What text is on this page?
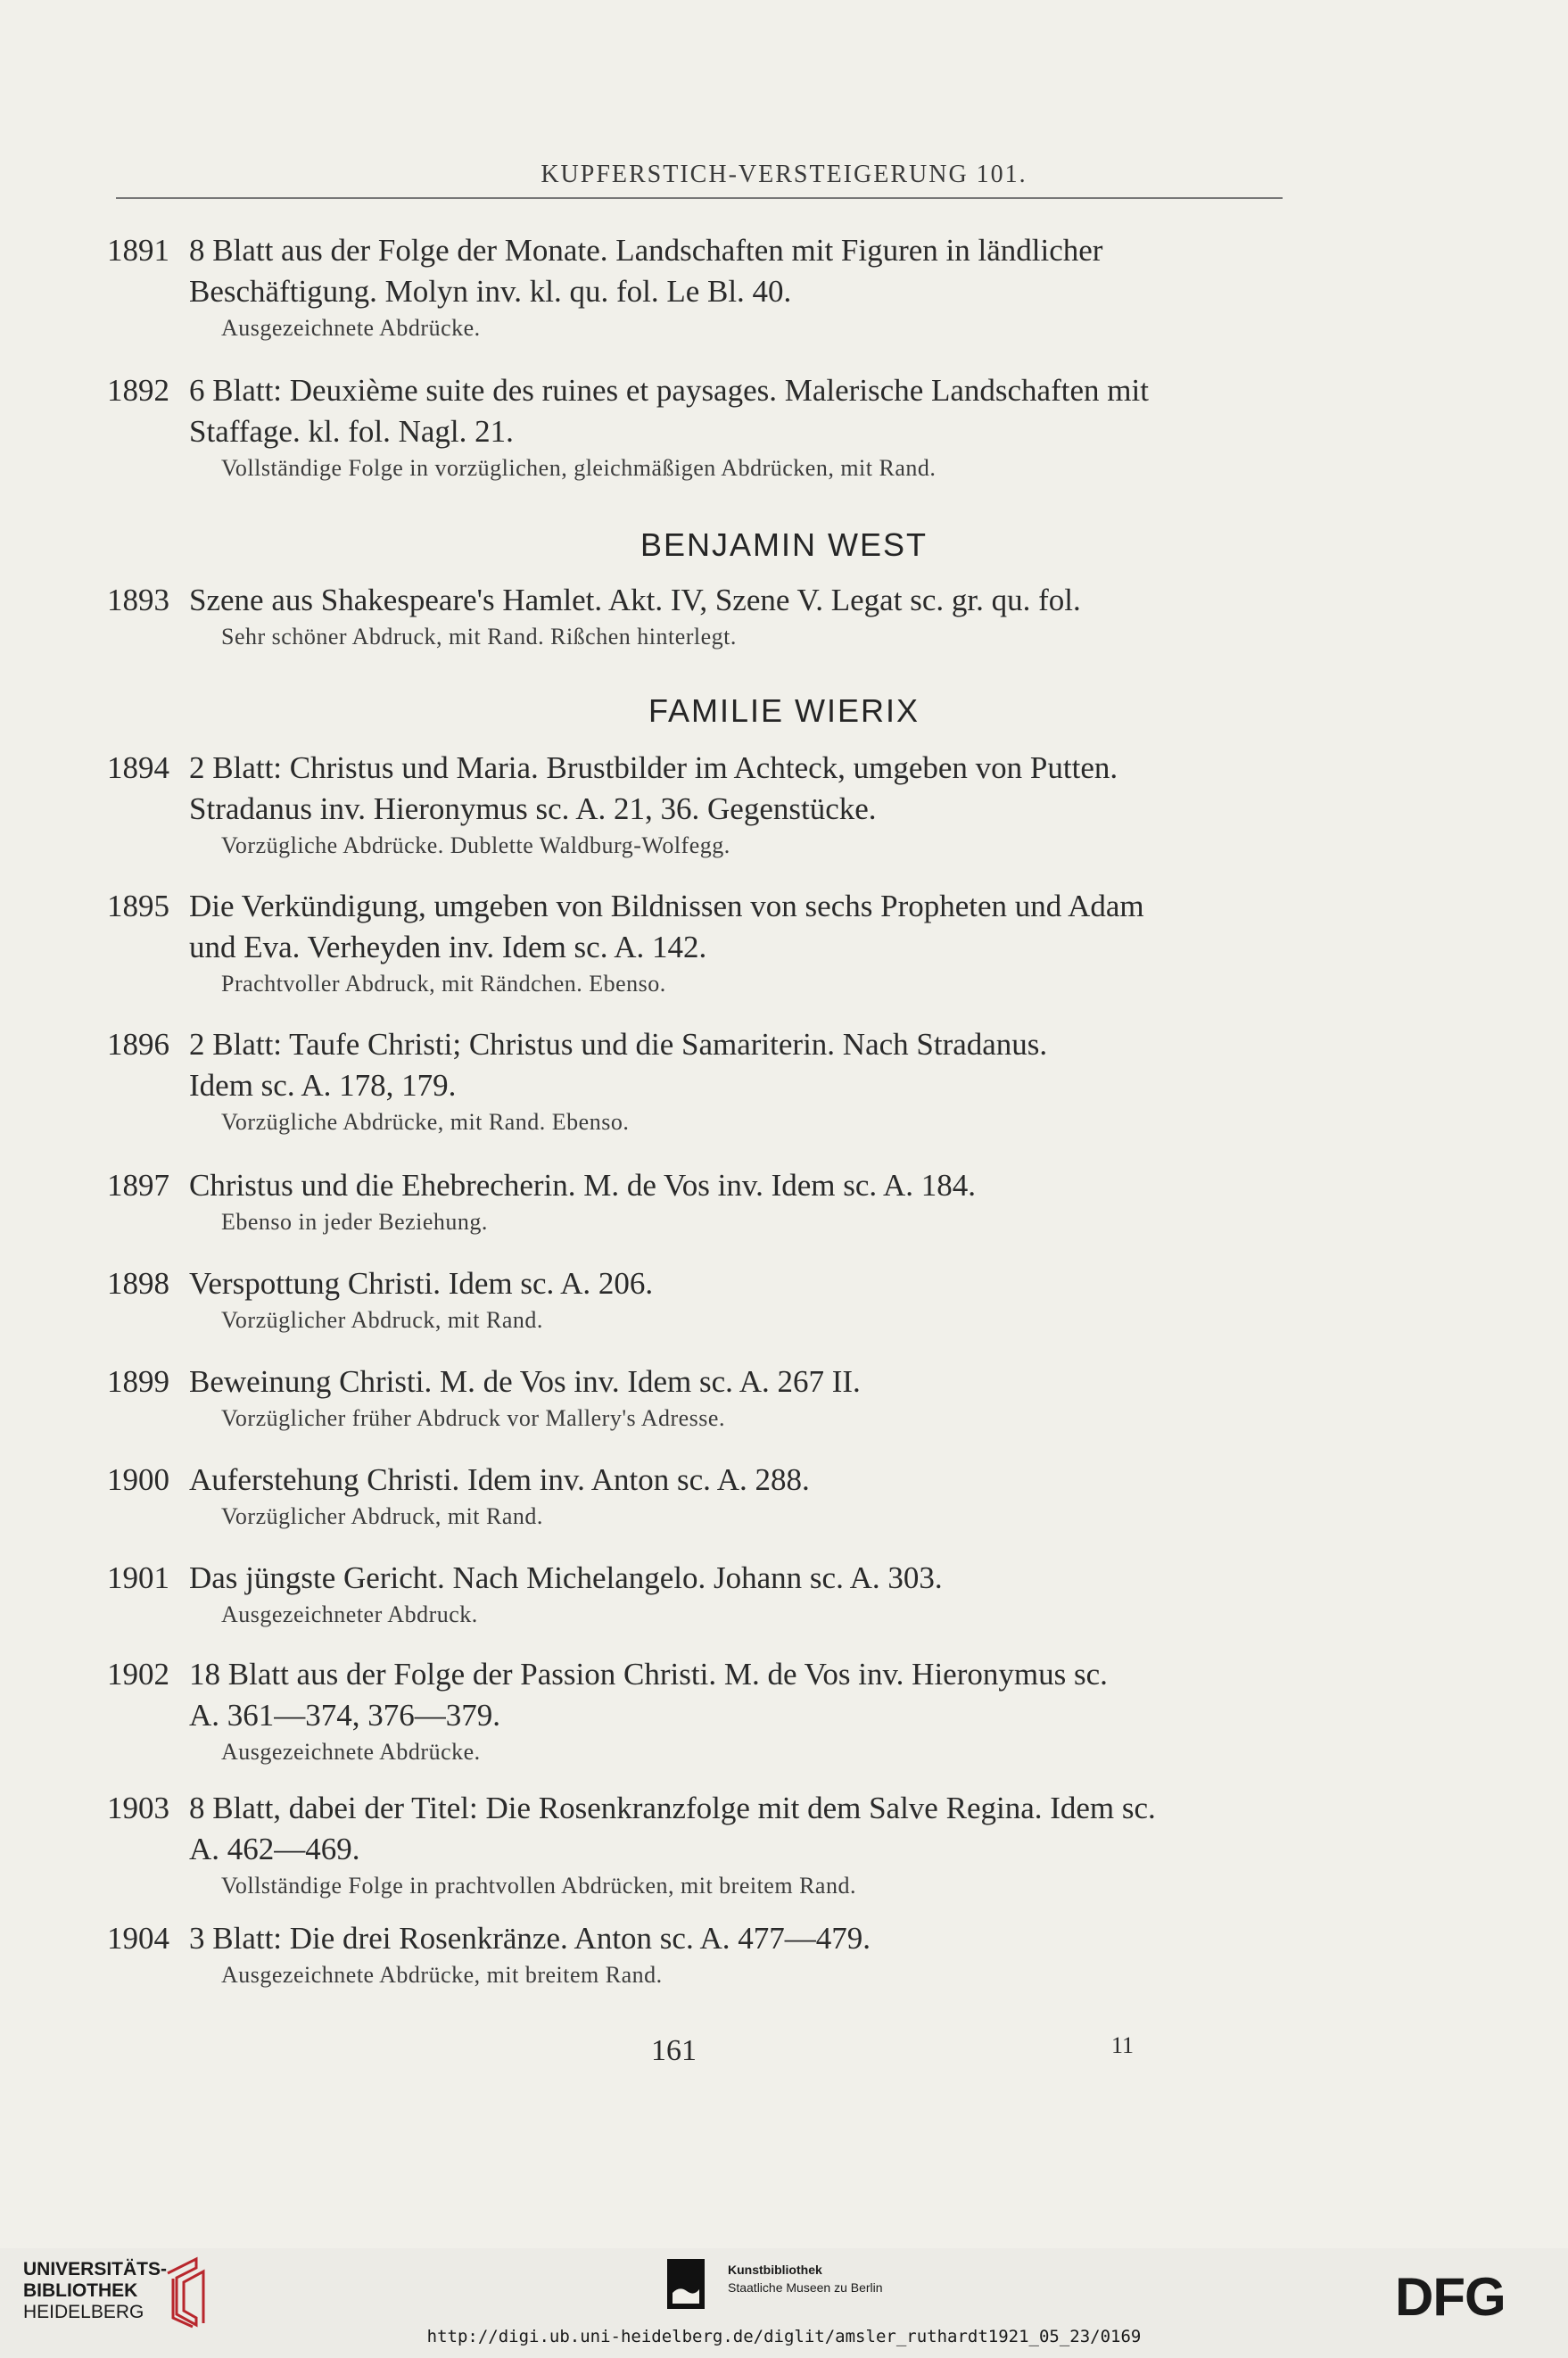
KUPFERSTICH-VERSTEIGERUNG 101.
1891 8 Blatt aus der Folge der Monate. Landschaften mit Figuren in ländlicher
Beschäftigung. Molyn inv. kl. qu. fol. Le Bl. 40.
Ausgezeichnete Abdrücke.
1892 6 Blatt: Deuxième suite des ruines et paysages. Malerische Landschaften mit
Staffage. kl. fol. Nagl. 21.
Vollständige Folge in vorzüglichen, gleichmäßigen Abdrücken, mit Rand.
BENJAMIN WEST
1893 Szene aus Shakespeare's Hamlet. Akt. IV, Szene V. Legat sc. gr. qu. fol.
Sehr schöner Abdruck, mit Rand. Rißchen hinterlegt.
FAMILIE WIERIX
1894 2 Blatt: Christus und Maria. Brustbilder im Achteck, umgeben von Putten.
Stradanus inv. Hieronymus sc. A. 21, 36. Gegenstücke.
Vorzügliche Abdrücke. Dublette Waldburg-Wolfegg.
1895 Die Verkündigung, umgeben von Bildnissen von sechs Propheten und Adam
und Eva. Verheyden inv. Idem sc. A. 142.
Prachtvoller Abdruck, mit Rändchen. Ebenso.
1896 2 Blatt: Taufe Christi; Christus und die Samariterin. Nach Stradanus.
Idem sc. A. 178, 179.
Vorzügliche Abdrücke, mit Rand. Ebenso.
1897 Christus und die Ehebrecherin. M. de Vos inv. Idem sc. A. 184.
Ebenso in jeder Beziehung.
1898 Verspottung Christi. Idem sc. A. 206.
Vorzüglicher Abdruck, mit Rand.
1899 Beweinung Christi. M. de Vos inv. Idem sc. A. 267 II.
Vorzüglicher früher Abdruck vor Mallery's Adresse.
1900 Auferstehung Christi. Idem inv. Anton sc. A. 288.
Vorzüglicher Abdruck, mit Rand.
1901 Das jüngste Gericht. Nach Michelangelo. Johann sc. A. 303.
Ausgezeichneter Abdruck.
1902 18 Blatt aus der Folge der Passion Christi. M. de Vos inv. Hieronymus sc.
A. 361—374, 376—379.
Ausgezeichnete Abdrücke.
1903 8 Blatt, dabei der Titel: Die Rosenkranzfolge mit dem Salve Regina. Idem sc.
A. 462—469.
Vollständige Folge in prachtvollen Abdrücken, mit breitem Rand.
1904 3 Blatt: Die drei Rosenkränze. Anton sc. A. 477—479.
Ausgezeichnete Abdrücke, mit breitem Rand.
161	11
UNIVERSITÄTS-
BIBLIOTHEK
HEIDELBERG
Kunstbibliothek
Staatliche Museen zu Berlin	DFG
http://digi.ub.uni-heidelberg.de/diglit/amsler_ruthardt1921_05_23/0169
